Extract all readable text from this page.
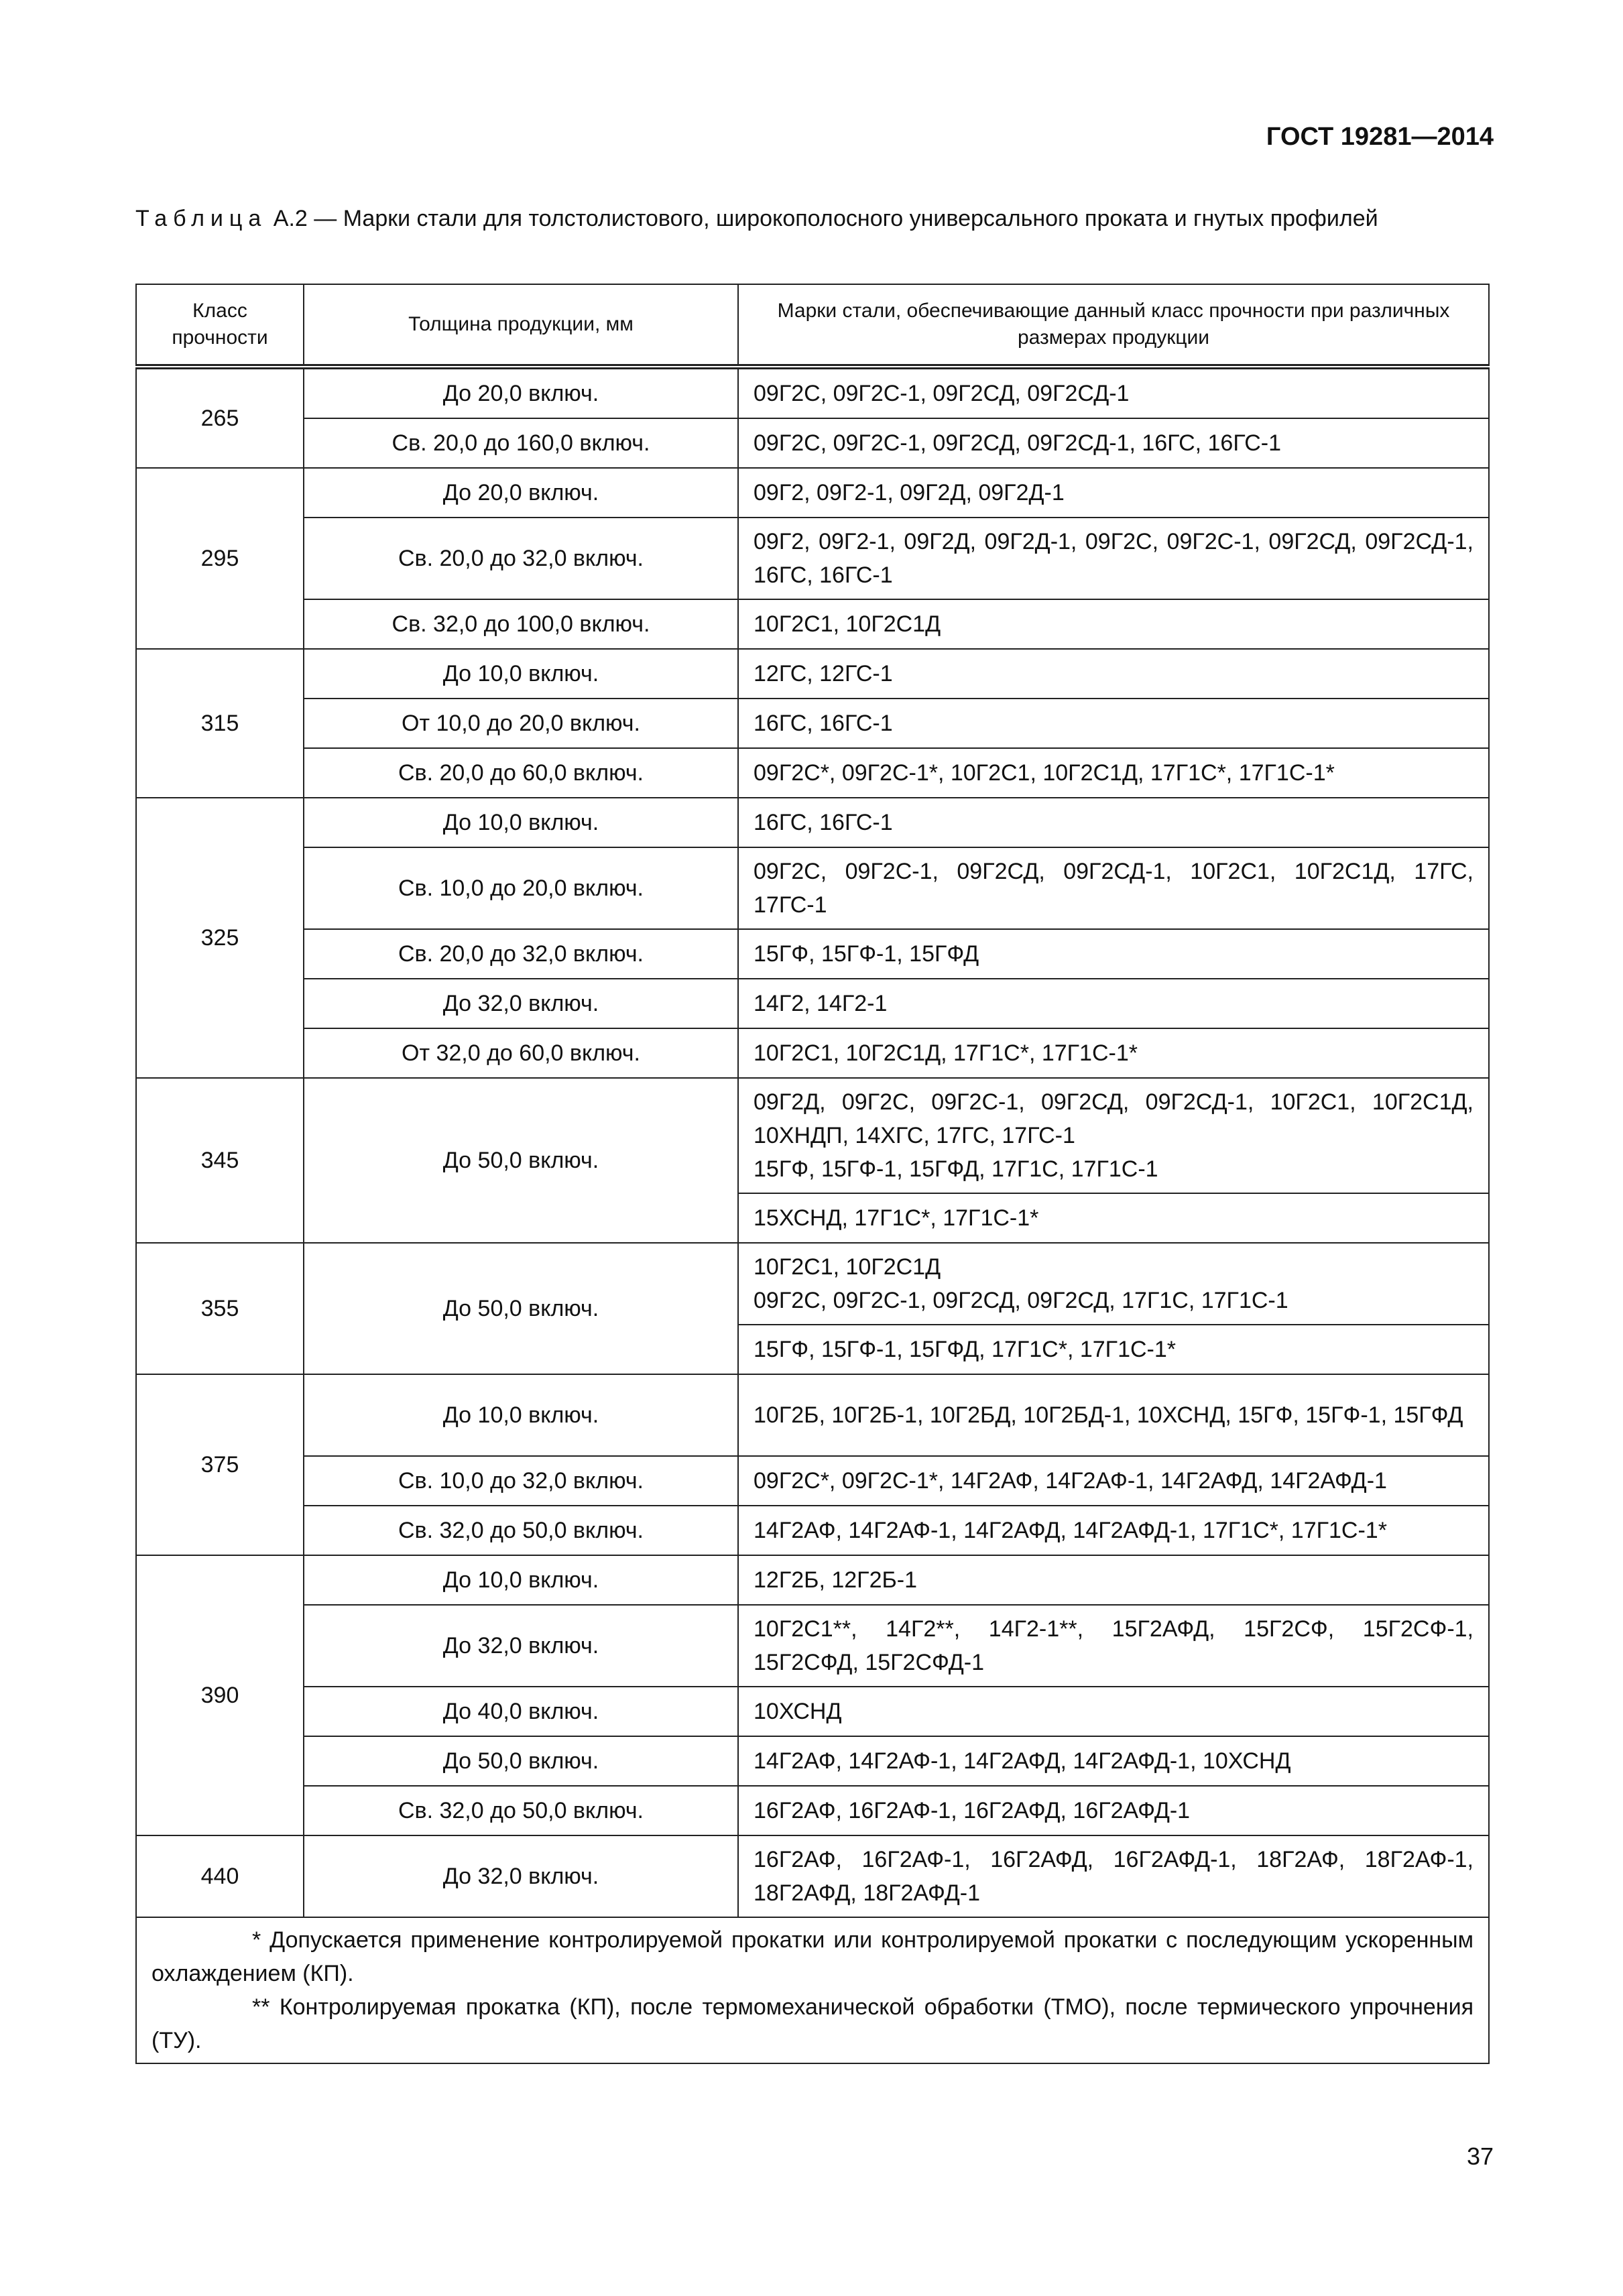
ГОСТ 19281—2014
Таблица А.2 — Марки стали для толстолистового, широкополосного универсального проката и гнутых профилей
Класс прочности	Толщина продукции, мм	Марки стали, обеспечивающие данный класс прочности при различных размерах продукции
265	До 20,0 включ.	09Г2С, 09Г2С-1, 09Г2СД, 09Г2СД-1
	Св. 20,0 до 160,0 включ.	09Г2С, 09Г2С-1, 09Г2СД, 09Г2СД-1, 16ГС, 16ГС-1
295	До 20,0 включ.	09Г2, 09Г2-1, 09Г2Д, 09Г2Д-1
	Св. 20,0 до 32,0 включ.	09Г2, 09Г2-1, 09Г2Д, 09Г2Д-1, 09Г2С, 09Г2С-1, 09Г2СД, 09Г2СД-1, 16ГС, 16ГС-1
	Св. 32,0 до 100,0 включ.	10Г2С1, 10Г2С1Д
315	До 10,0 включ.	12ГС, 12ГС-1
	От 10,0 до 20,0 включ.	16ГС, 16ГС-1
	Св. 20,0 до 60,0 включ.	09Г2С*, 09Г2С-1*, 10Г2С1, 10Г2С1Д, 17Г1С*, 17Г1С-1*
325	До 10,0 включ.	16ГС, 16ГС-1
	Св. 10,0 до 20,0 включ.	09Г2С, 09Г2С-1, 09Г2СД, 09Г2СД-1, 10Г2С1, 10Г2С1Д, 17ГС, 17ГС-1
	Св. 20,0 до 32,0 включ.	15ГФ, 15ГФ-1, 15ГФД
	До 32,0 включ.	14Г2, 14Г2-1
	От 32,0 до 60,0 включ.	10Г2С1, 10Г2С1Д, 17Г1С*, 17Г1С-1*
345	До 50,0 включ.	09Г2Д, 09Г2С, 09Г2С-1, 09Г2СД, 09Г2СД-1, 10Г2С1, 10Г2С1Д, 10ХНДП, 14ХГС, 17ГС, 17ГС-1
15ГФ, 15ГФ-1, 15ГФД, 17Г1С, 17Г1С-1
		15ХСНД, 17Г1С*, 17Г1С-1*
355	До 50,0 включ.	10Г2С1, 10Г2С1Д
09Г2С, 09Г2С-1, 09Г2СД, 09Г2СД, 17Г1С, 17Г1С-1
		15ГФ, 15ГФ-1, 15ГФД, 17Г1С*, 17Г1С-1*
375	До 10,0 включ.	10Г2Б, 10Г2Б-1, 10Г2БД, 10Г2БД-1, 10ХСНД, 15ГФ, 15ГФ-1, 15ГФД
	Св. 10,0 до 32,0 включ.	09Г2С*, 09Г2С-1*, 14Г2АФ, 14Г2АФ-1, 14Г2АФД, 14Г2АФД-1
	Св. 32,0 до 50,0 включ.	14Г2АФ, 14Г2АФ-1, 14Г2АФД, 14Г2АФД-1, 17Г1С*, 17Г1С-1*
390	До 10,0 включ.	12Г2Б, 12Г2Б-1
	До 32,0 включ.	10Г2С1**, 14Г2**, 14Г2-1**, 15Г2АФД, 15Г2СФ, 15Г2СФ-1, 15Г2СФД, 15Г2СФД-1
	До 40,0 включ.	10ХСНД
	До 50,0 включ.	14Г2АФ, 14Г2АФ-1, 14Г2АФД, 14Г2АФД-1, 10ХСНД
	Св. 32,0 до 50,0 включ.	16Г2АФ, 16Г2АФ-1, 16Г2АФД, 16Г2АФД-1
440	До 32,0 включ.	16Г2АФ, 16Г2АФ-1, 16Г2АФД, 16Г2АФД-1, 18Г2АФ, 18Г2АФ-1, 18Г2АФД, 18Г2АФД-1

* Допускается применение контролируемой прокатки или контролируемой прокатки с последующим ускоренным охлаждением (КП).
** Контролируемая прокатка (КП), после термомеханической обработки (ТМО), после термического упрочнения (ТУ).		
37
